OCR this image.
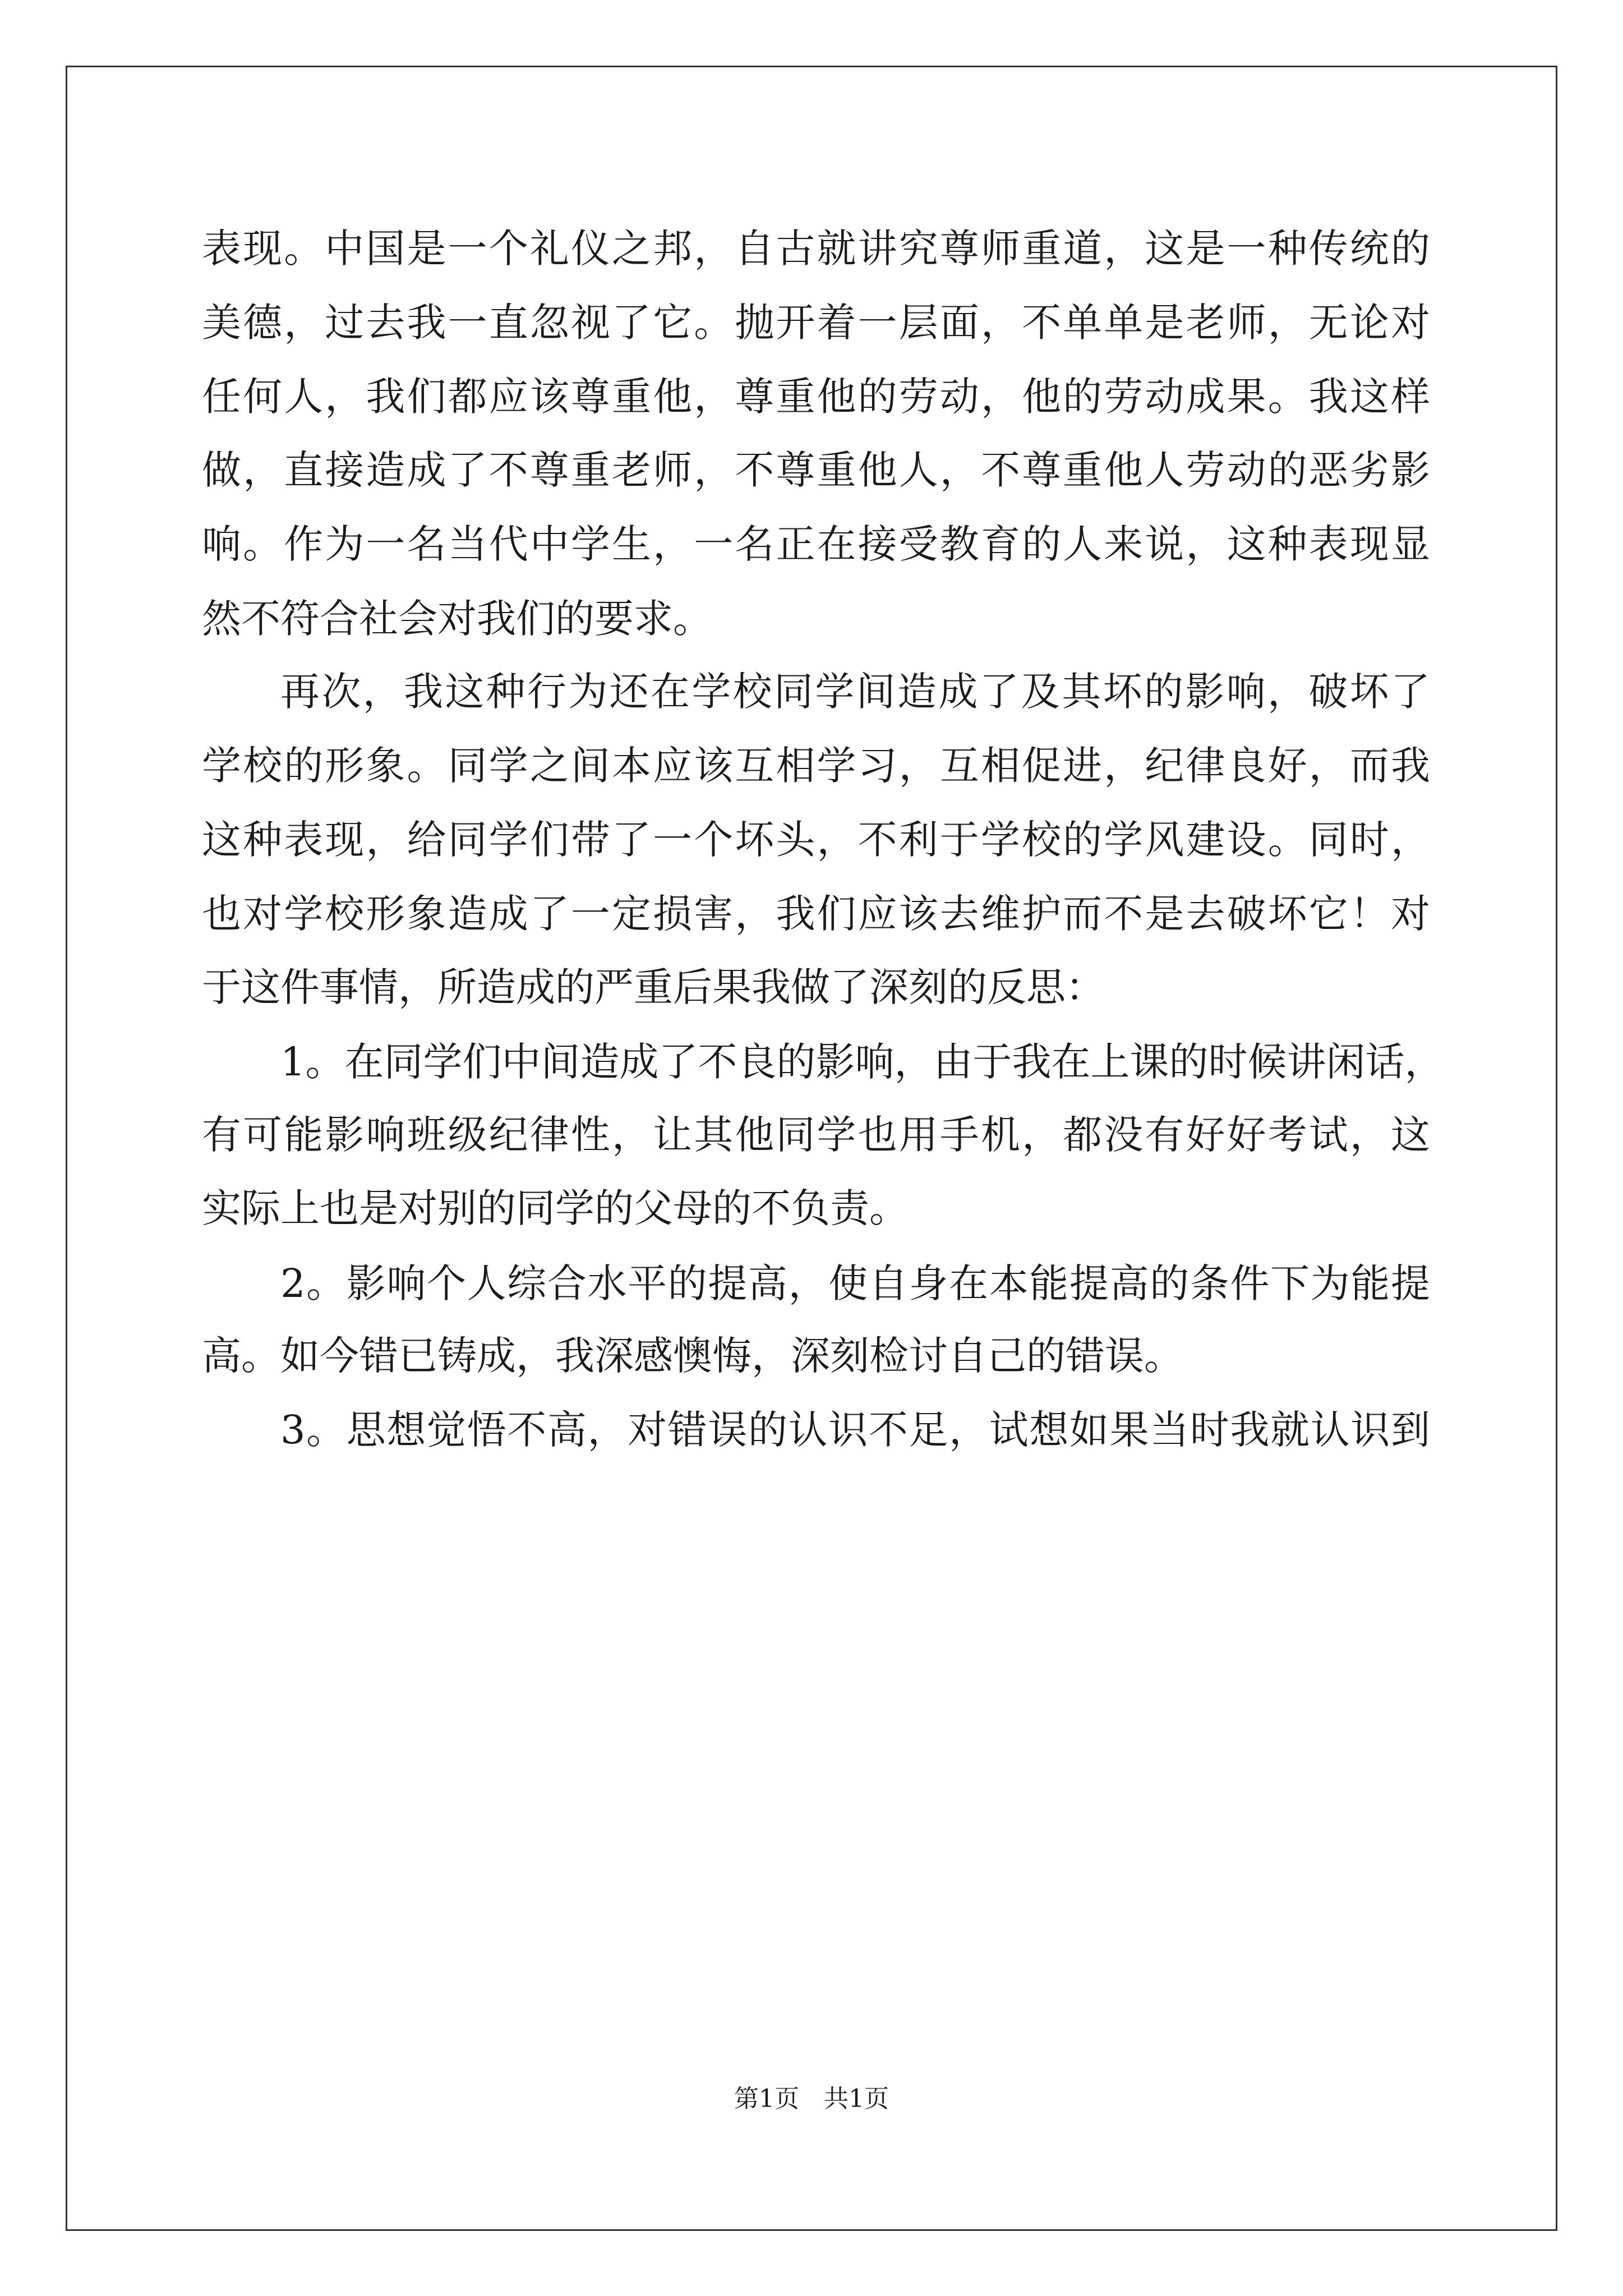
表现。中国是一个礼仪之邦，自古就讲究尊师重道，这是一种传统的
美德，过去我一直忽视了它。抛开着一层面，不单单是老师，无论对
任何人，我们都应该尊重他，尊重他的劳动，他的劳动成果。我这样
做，直接造成了不尊重老师，不尊重他人，不尊重他人劳动的恶劣影
响。作为一名当代中学生，一名正在接受教育的人来说，这种表现显
然不符合社会对我们的要求。
再次，我这种行为还在学校同学间造成了及其坏的影响，破坏了
学校的形象。同学之间本应该互相学习，互相促进，纪律良好，而我
这种表现，给同学们带了一个坏头，不利于学校的学风建设。同时，
也对学校形象造成了一定损害，我们应该去维护而不是去破坏它！对
于这件事情，所造成的严重后果我做了深刻的反思：
1。在同学们中间造成了不良的影响，由于我在上课的时候讲闲话，
有可能影响班级纪律性，让其他同学也用手机，都没有好好考试，这
实际上也是对别的同学的父母的不负责。
2。影响个人综合水平的提高，使自身在本能提高的条件下为能提
高。如今错已铸成，我深感懊悔，深刻检讨自己的错误。
3。思想觉悟不高，对错误的认识不足，试想如果当时我就认识到
第1页　共1页
